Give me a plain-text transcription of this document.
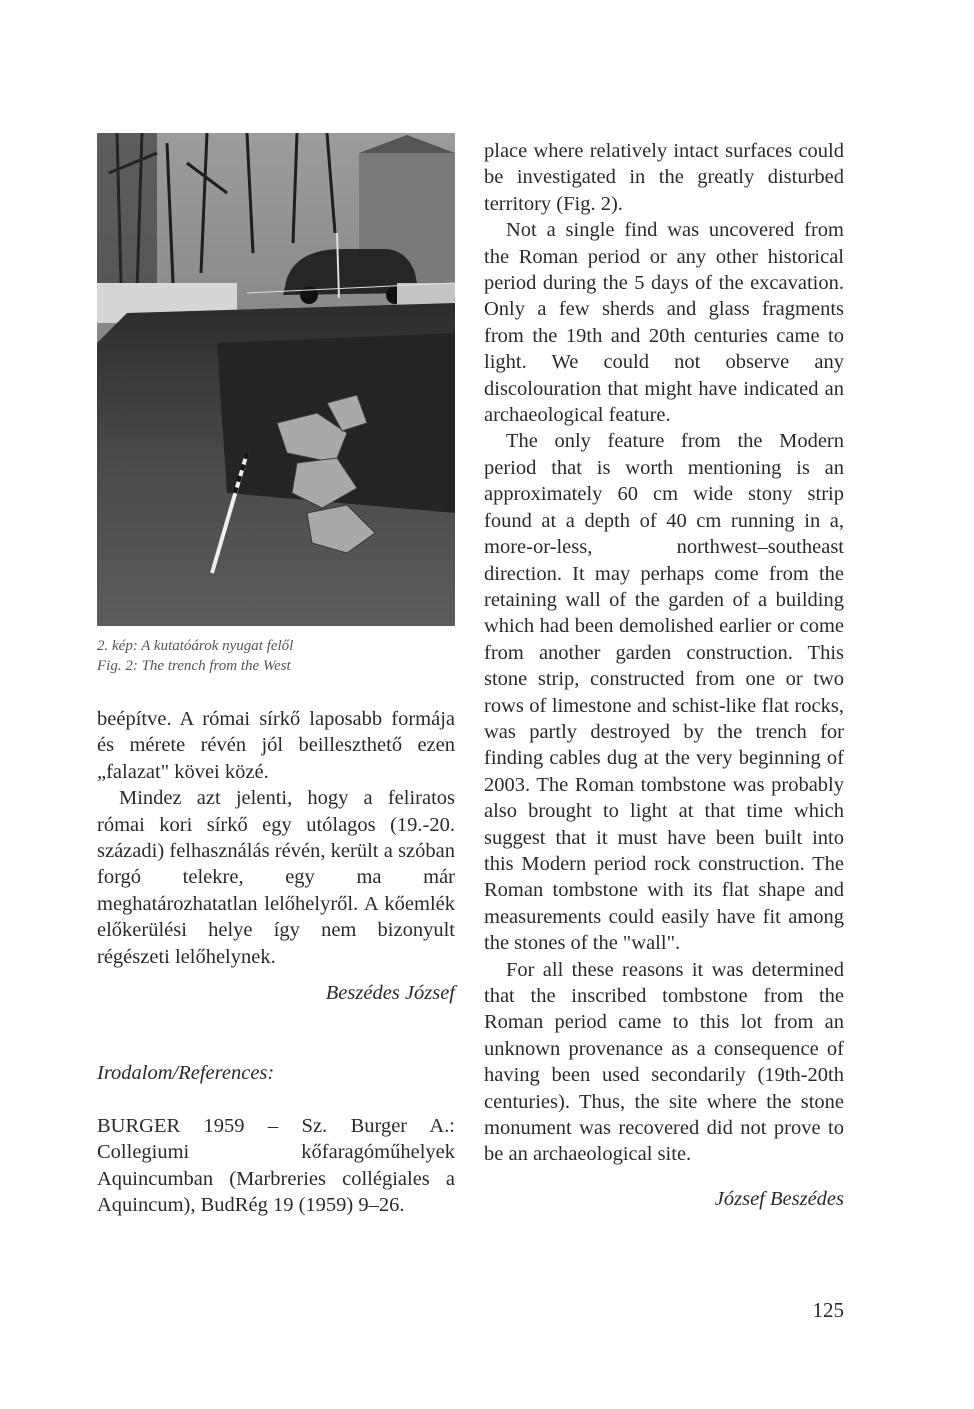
2. kép: A kutatóárok nyugat felől
Fig. 2: The trench from the West

beépítve. A római sírkő laposabb formája és mérete révén jól beilleszthető ezen „falazat" kövei közé.

Mindez azt jelenti, hogy a feliratos római kori sírkő egy utólagos (19.-20. századi) felhasználás révén, került a szóban forgó telekre, egy ma már meghatározhatatlan lelőhelyről. A kőemlék előkerülési helye így nem bizonyult régészeti lelőhelynek.

Beszédes József
Irodalom/References:
BURGER 1959 – Sz. Burger A.: Collegiumi kőfaragóműhelyek Aquincumban (Marbreries collégiales a Aquincum), BudRég 19 (1959) 9–26.

place where relatively intact surfaces could be investigated in the greatly disturbed territory (Fig. 2).

Not a single find was uncovered from the Roman period or any other historical period during the 5 days of the excavation. Only a few sherds and glass fragments from the 19th and 20th centuries came to light. We could not observe any discolouration that might have indicated an archaeological feature.

The only feature from the Modern period that is worth mentioning is an approximately 60 cm wide stony strip found at a depth of 40 cm running in a, more-or-less, northwest–southeast direction. It may perhaps come from the retaining wall of the garden of a building which had been demolished earlier or come from another garden construction. This stone strip, constructed from one or two rows of limestone and schist-like flat rocks, was partly destroyed by the trench for finding cables dug at the very beginning of 2003. The Roman tombstone was probably also brought to light at that time which suggest that it must have been built into this Modern period rock construction. The Roman tombstone with its flat shape and measurements could easily have fit among the stones of the "wall".

For all these reasons it was determined that the inscribed tombstone from the Roman period came to this lot from an unknown provenance as a consequence of having been used secondarily (19th-20th centuries). Thus, the site where the stone monument was recovered did not prove to be an archaeological site.

József Beszédes
125
